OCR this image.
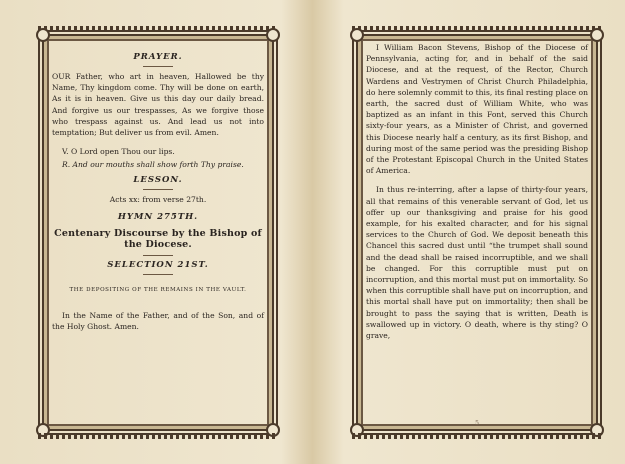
PRAYER.

OUR Father, who art in heaven, Hallowed be thy Name, Thy kingdom come. Thy will be done on earth, As it is in heaven. Give us this day our daily bread. And forgive us our trespasses, As we forgive those who trespass against us. And lead us not into temptation; But deliver us from evil. Amen.

V. O Lord open Thou our lips.

R. And our mouths shall show forth Thy praise.

LESSON.
Acts xx: from verse 27th.
HYMN 275TH.
Centenary Discourse by the Bishop of the Diocese.
SELECTION 21ST.
THE DEPOSITING OF THE REMAINS IN THE VAULT.

In the Name of the Father, and of the Son, and of the Holy Ghost. Amen.

I William Bacon Stevens, Bishop of the Diocese of Pennsylvania, acting for, and in behalf of the said Diocese, and at the request, of the Rector, Church Wardens and Vestrymen of Christ Church Philadelphia, do here solemnly commit to this, its final resting place on earth, the sacred dust of William White, who was baptized as an infant in this Font, served this Church sixty-four years, as a Minister of Christ, and governed this Diocese nearly half a century, as its first Bishop, and during most of the same period was the presiding Bishop of the Protestant Episcopal Church in the United States of America.

In thus re-interring, after a lapse of thirty-four years, all that remains of this venerable servant of God, let us offer up our thanksgiving and praise for his good example, for his exalted character, and for his signal services to the Church of God. We deposit beneath this Chancel this sacred dust until “the trumpet shall sound and the dead shall be raised incorruptible, and we shall be changed. For this corruptible must put on incorruption, and this mortal must put on immortality. So when this corruptible shall have put on incorruption, and this mortal shall have put on immortality; then shall be brought to pass the saying that is written, Death is swallowed up in victory. O death, where is thy sting? O grave,

5
